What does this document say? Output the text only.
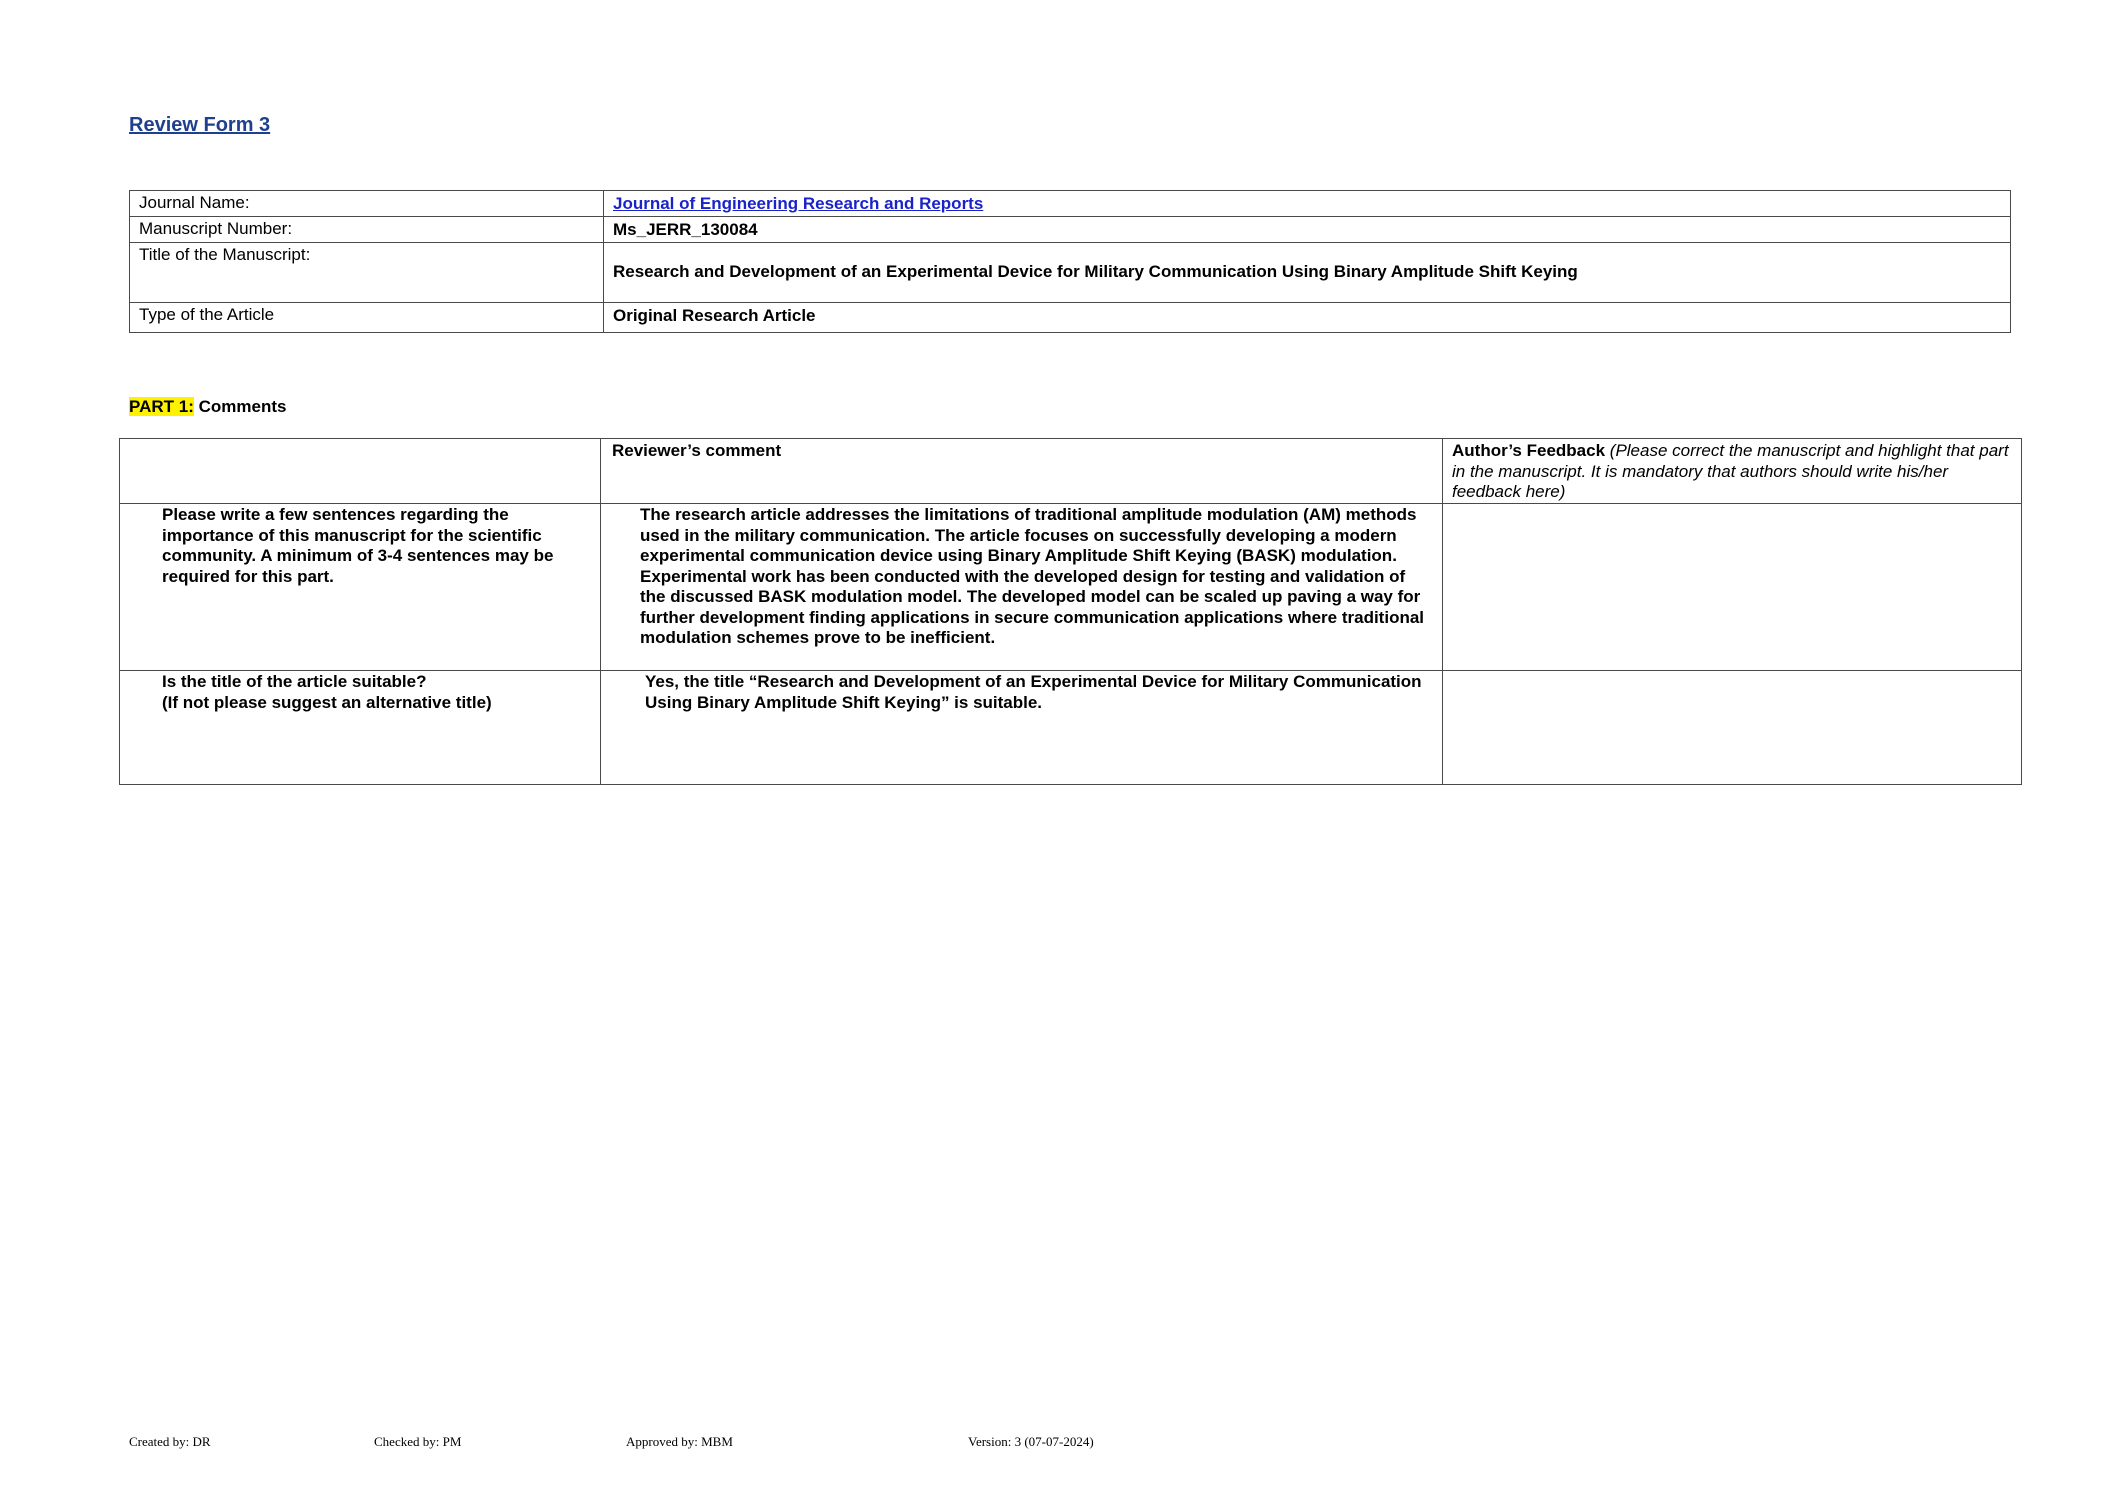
Review Form 3
Journal Name:	Journal of Engineering Research and Reports
Manuscript Number:	Ms_JERR_130084
Title of the Manuscript:	Research and Development of an Experimental Device for Military Communication Using Binary Amplitude Shift Keying
Type of the Article	Original Research Article

PART 1: Comments

	Reviewer’s comment	Author’s Feedback (Please correct the manuscript and highlight that part in the manuscript. It is mandatory that authors should write his/her feedback here)
Please write a few sentences regarding the importance of this manuscript for the scientific community. A minimum of 3-4 sentences may be required for this part.	The research article addresses the limitations of traditional amplitude modulation (AM) methods used in the military communication. The article focuses on successfully developing a modern experimental communication device using Binary Amplitude Shift Keying (BASK) modulation. Experimental work has been conducted with the developed design for testing and validation of the discussed BASK modulation model. The developed model can be scaled up paving a way for further development finding applications in secure communication applications where traditional modulation schemes prove to be inefficient.	

Is the title of the article suitable?
(If not please suggest an alternative title)	Yes, the title “Research and Development of an Experimental Device for Military Communication Using Binary Amplitude Shift Keying” is suitable.	

Created by: DR	Checked by: PM	Approved by: MBM	Version: 3 (07-07-2024)
